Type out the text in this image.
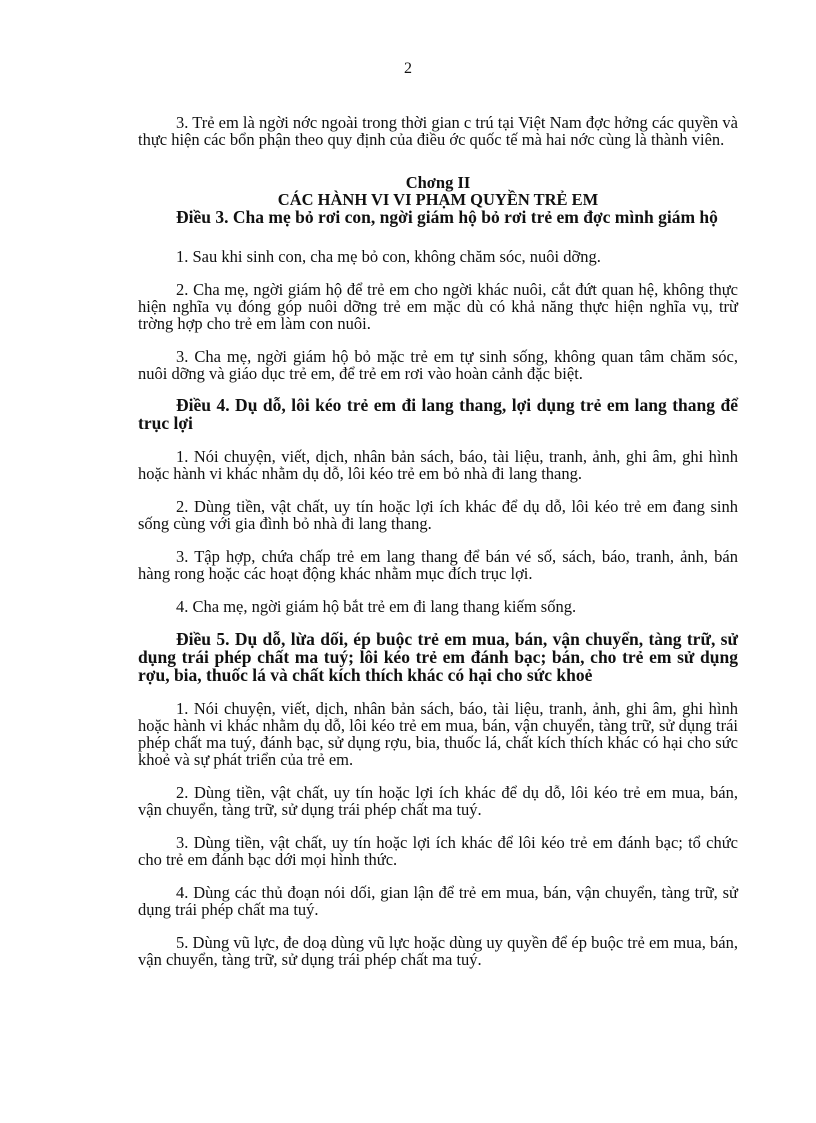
2

3. Trẻ em là ngời nớc ngoài trong thời gian c trú tại Việt Nam đợc hởng các quyền và thực hiện các bổn phận theo quy định của điều ớc quốc tế mà hai nớc cùng là thành viên.

Chơng II
CÁC HÀNH VI VI PHẠM QUYỀN TRẺ EM

Điều 3. Cha mẹ bỏ rơi con, ngời giám hộ bỏ rơi trẻ em đợc mình giám hộ

1. Sau khi sinh con, cha mẹ bỏ con, không chăm sóc, nuôi dỡng.

2. Cha mẹ, ngời giám hộ để trẻ em cho ngời khác nuôi, cắt đứt quan hệ, không thực hiện nghĩa vụ đóng góp nuôi dỡng trẻ em mặc dù có khả năng thực hiện nghĩa vụ, trừ trờng hợp cho trẻ em làm con nuôi.

3. Cha mẹ, ngời giám hộ bỏ mặc trẻ em tự sinh sống, không quan tâm chăm sóc, nuôi dỡng và giáo dục trẻ em, để trẻ em rơi vào hoàn cảnh đặc biệt.

Điều 4. Dụ dỗ, lôi kéo trẻ em đi lang thang, lợi dụng trẻ em lang thang để trục lợi

1. Nói chuyện, viết, dịch, nhân bản sách, báo, tài liệu, tranh, ảnh, ghi âm, ghi hình hoặc hành vi khác nhằm dụ dỗ, lôi kéo trẻ em bỏ nhà đi lang thang.

2. Dùng tiền, vật chất, uy tín hoặc lợi ích khác để dụ dỗ, lôi kéo trẻ em đang sinh sống cùng với gia đình bỏ nhà đi lang thang.

3. Tập hợp, chứa chấp trẻ em lang thang để bán vé số, sách, báo, tranh, ảnh, bán hàng rong hoặc các hoạt động khác nhằm mục đích trục lợi.

4. Cha mẹ, ngời giám hộ bắt trẻ em đi lang thang kiếm sống.

Điều 5. Dụ dỗ, lừa dối, ép buộc trẻ em mua, bán, vận chuyển, tàng trữ, sử dụng trái phép chất ma tuý; lôi kéo trẻ em đánh bạc; bán, cho trẻ em sử dụng rợu, bia, thuốc lá và chất kích thích khác có hại cho sức khoẻ

1. Nói chuyện, viết, dịch, nhân bản sách, báo, tài liệu, tranh, ảnh, ghi âm, ghi hình hoặc hành vi khác nhằm dụ dỗ, lôi kéo trẻ em mua, bán, vận chuyển, tàng trữ, sử dụng trái phép chất ma tuý, đánh bạc, sử dụng rợu, bia, thuốc lá, chất kích thích khác có hại cho sức khoẻ và sự phát triển của trẻ em.

2. Dùng tiền, vật chất, uy tín hoặc lợi ích khác để dụ dỗ, lôi kéo trẻ em mua, bán, vận chuyển, tàng trữ, sử dụng trái phép chất ma tuý.

3. Dùng tiền, vật chất, uy tín hoặc lợi ích khác để lôi kéo trẻ em đánh bạc; tổ chức cho trẻ em đánh bạc dới mọi hình thức.

4. Dùng các thủ đoạn nói dối, gian lận để trẻ em mua, bán, vận chuyển, tàng trữ, sử dụng trái phép chất ma tuý.

5. Dùng vũ lực, đe doạ dùng vũ lực hoặc dùng uy quyền để ép buộc trẻ em mua, bán, vận chuyển, tàng trữ, sử dụng trái phép chất ma tuý.
